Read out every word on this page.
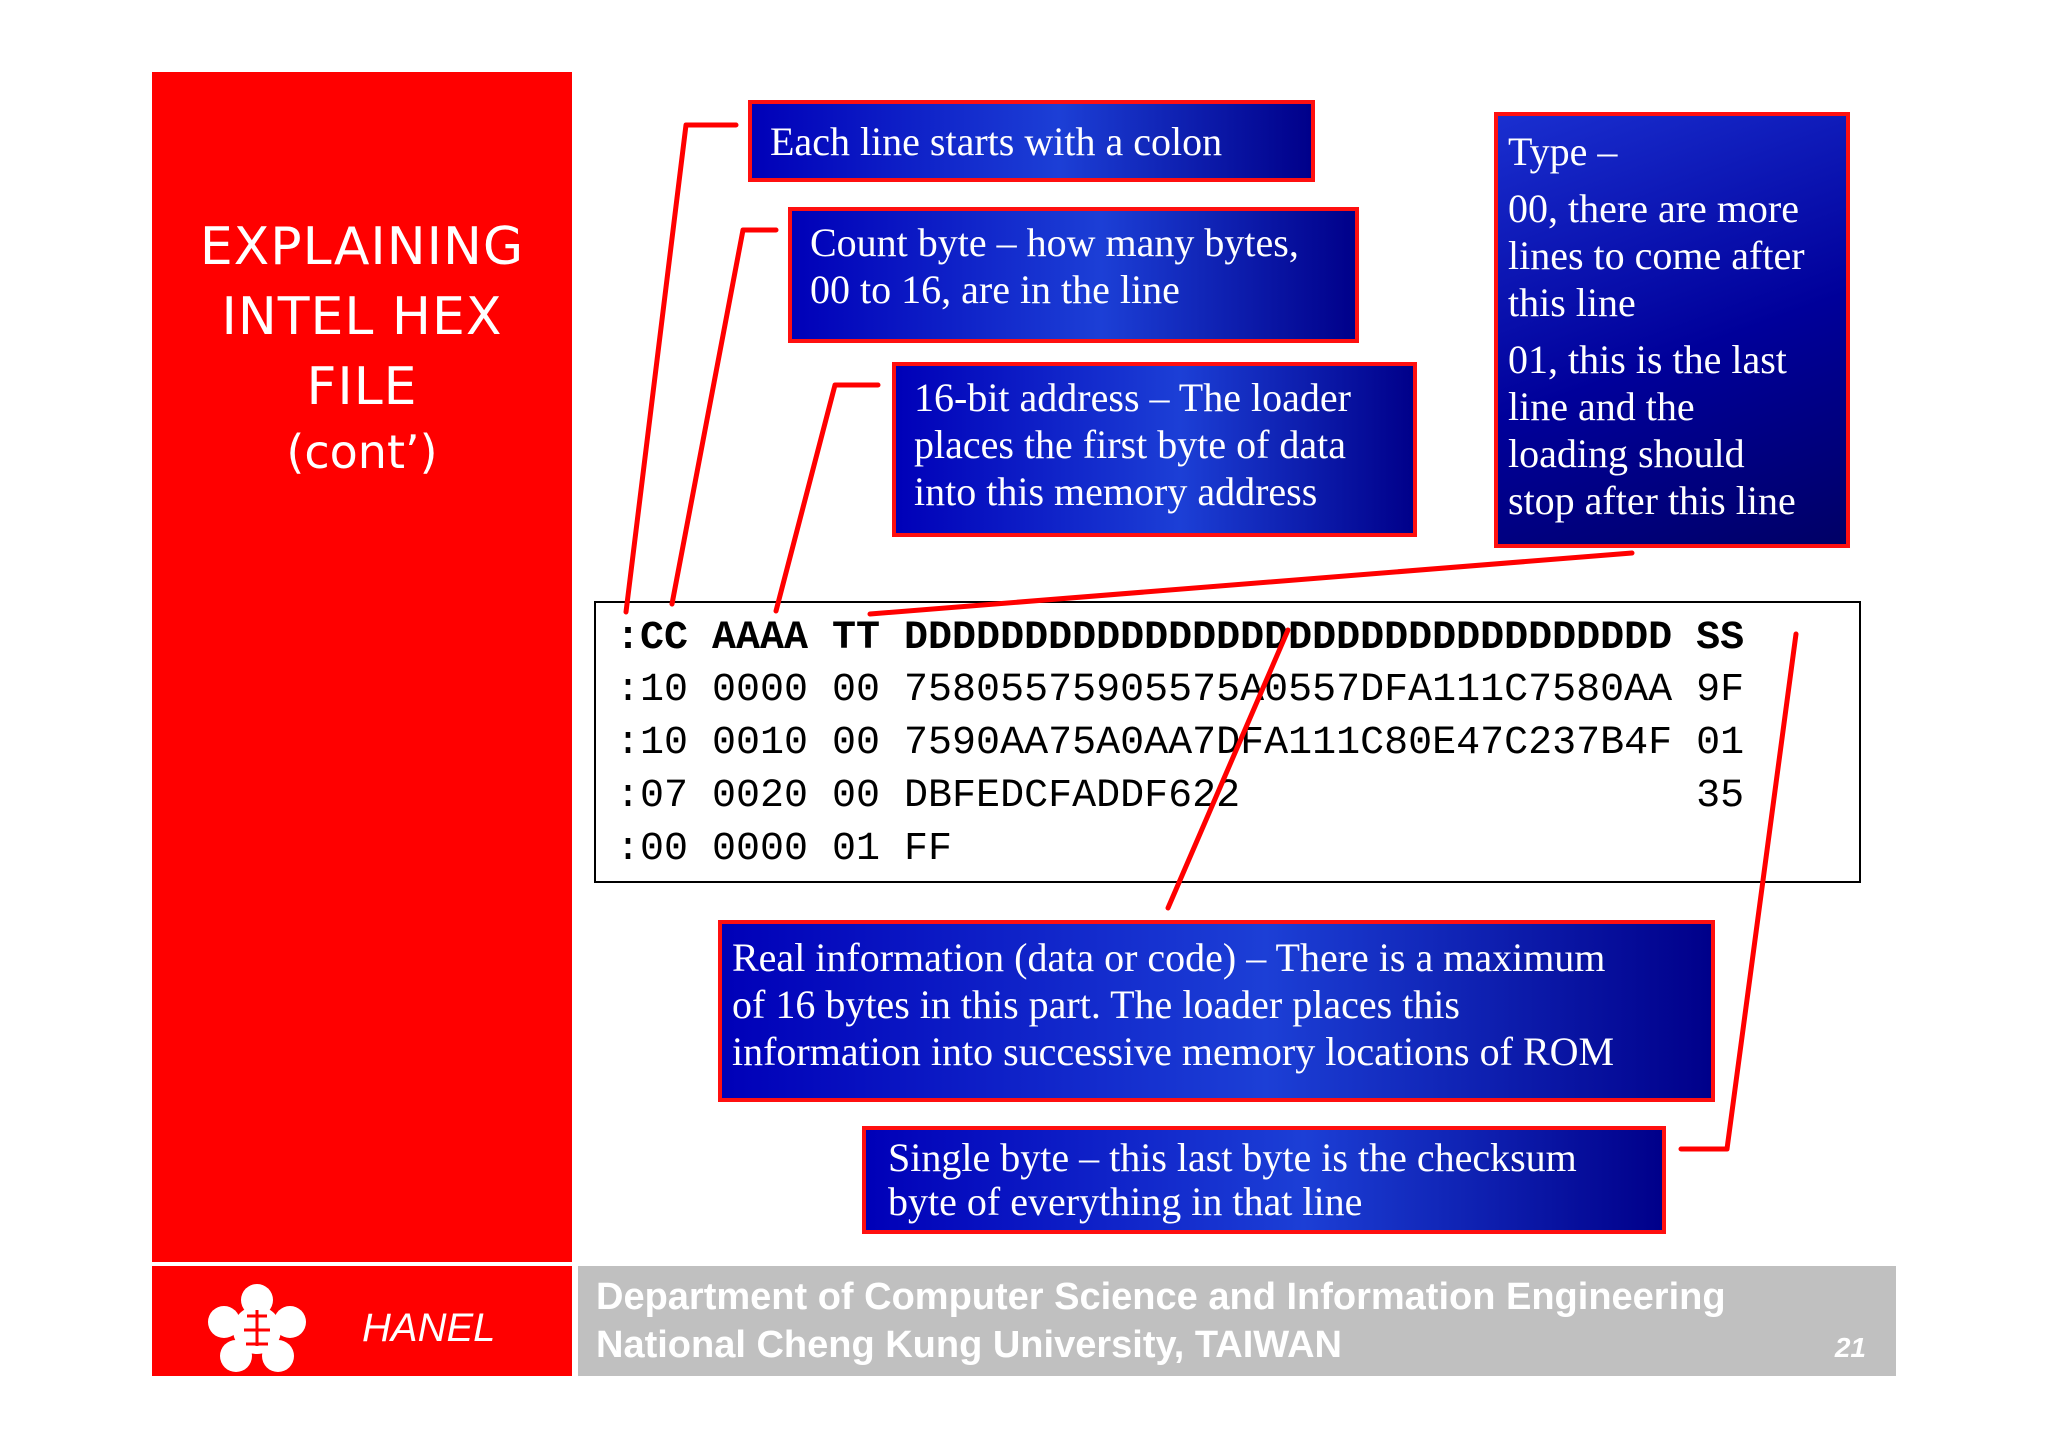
EXPLAINING
INTEL HEX
FILE
(cont’)
Each line starts with a colon
Count byte – how many bytes,
00 to 16, are in the line
16-bit address – The loader
places the first byte of data
into this memory address
Type –
00, there are more
lines to come after
this line
01, this is the last
line and the
loading should
stop after this line
:CC AAAA TT DDDDDDDDDDDDDDDDDDDDDDDDDDDDDDDD SS
:10 0000 00 75805575905575A0557DFA111C7580AA 9F
:10 0010 00 7590AA75A0AA7DFA111C80E47C237B4F 01
:07 0020 00 DBFEDCFADDF622                   35
:00 0000 01 FF
Real information (data or code) – There is a maximum
of 16 bytes in this part. The loader places this
information into successive memory locations of ROM
Single byte – this last byte is the checksum
byte of everything in that line
HANEL
Department of Computer Science and Information Engineering
National Cheng Kung University, TAIWAN	21
